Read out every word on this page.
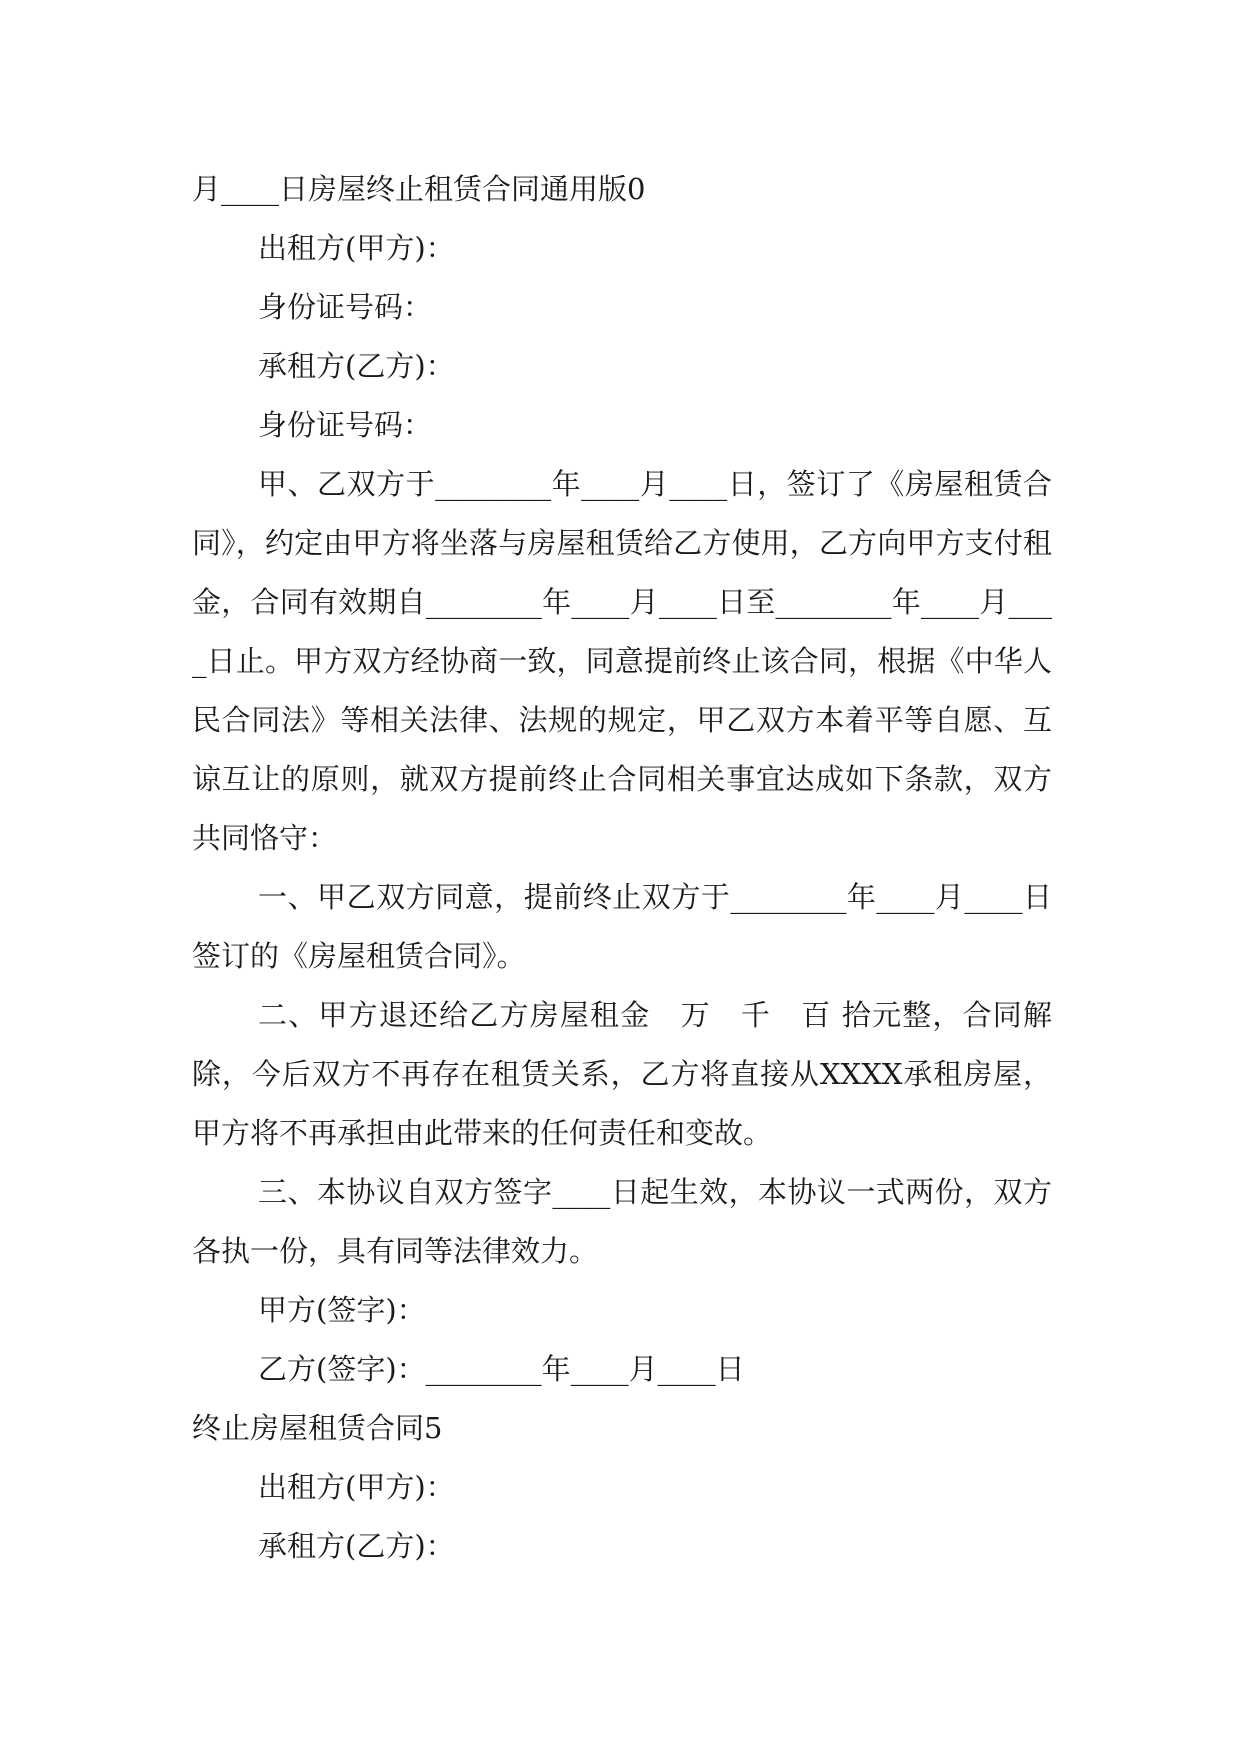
月____日房屋终止租赁合同通用版0

出租方(甲方)：

身份证号码：

承租方(乙方)：

身份证号码：

甲、乙双方于________年____月____日，签订了《房屋租赁合同》，约定由甲方将坐落与房屋租赁给乙方使用，乙方向甲方支付租金，合同有效期自________年____月____日至________年____月____日止。甲方双方经协商一致，同意提前终止该合同，根据《中华人民合同法》等相关法律、法规的规定，甲乙双方本着平等自愿、互谅互让的原则，就双方提前终止合同相关事宜达成如下条款，双方共同恪守：

一、甲乙双方同意，提前终止双方于________年____月____日签订的《房屋租赁合同》。

二、甲方退还给乙方房屋租金　万　千　百 拾元整，合同解除，今后双方不再存在租赁关系，乙方将直接从XXXX承租房屋，甲方将不再承担由此带来的任何责任和变故。

三、本协议自双方签字____日起生效，本协议一式两份，双方各执一份，具有同等法律效力。

甲方(签字)：

乙方(签字)：________年____月____日

终止房屋租赁合同5

出租方(甲方)：

承租方(乙方)：
